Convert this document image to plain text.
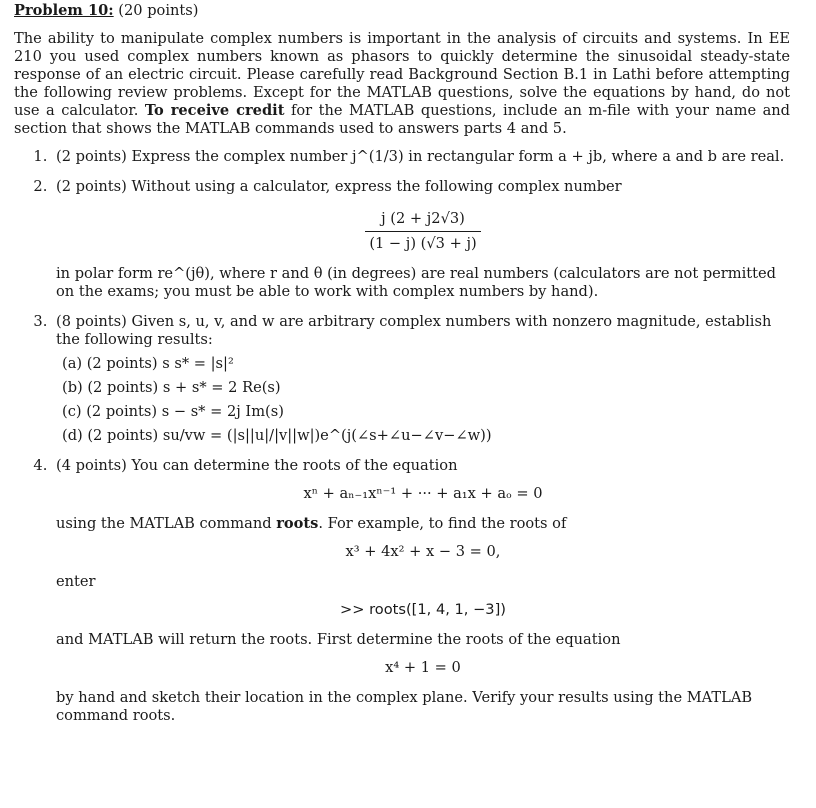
Problem 10: (20 points)
The ability to manipulate complex numbers is important in the analysis of circuits and systems. In EE 210 you used complex numbers known as phasors to quickly determine the sinusoidal steady-state response of an electric circuit. Please carefully read Background Section B.1 in Lathi before attempting the following review problems. Except for the MATLAB questions, solve the equations by hand, do not use a calculator. To receive credit for the MATLAB questions, include an m-file with your name and section that shows the MATLAB commands used to answers parts 4 and 5.
1. (2 points) Express the complex number j^(1/3) in rectangular form a + jb, where a and b are real.
2. (2 points) Without using a calculator, express the following complex number
$\frac{j (2 + j2√3)}{(1 - j) (√3 + j)}$
in polar form re^(jθ), where r and θ (in degrees) are real numbers (calculators are not permitted on the exams; you must be able to work with complex numbers by hand).
3. (8 points) Given s, u, v, and w are arbitrary complex numbers with nonzero magnitude, establish the following results:
(a) (2 points) s s* = |s|²
(b) (2 points) s + s* = 2 Re(s)
(c) (2 points) s − s* = 2j Im(s)
(d) (2 points) su/vw = (|s||u|/|v||w|)e^(j(∠s+∠u−∠v−∠w))
4. (4 points) You can determine the roots of the equation
xⁿ + aₙ₋₁xⁿ⁻¹ + ··· + a₁x + aₒ = 0
using the MATLAB command roots. For example, to find the roots of
x³ + 4x² + x − 3 = 0,
enter
>> roots([1, 4, 1, −3])
and MATLAB will return the roots. First determine the roots of the equation
x⁴ + 1 = 0
by hand and sketch their location in the complex plane. Verify your results using the MATLAB command roots.
